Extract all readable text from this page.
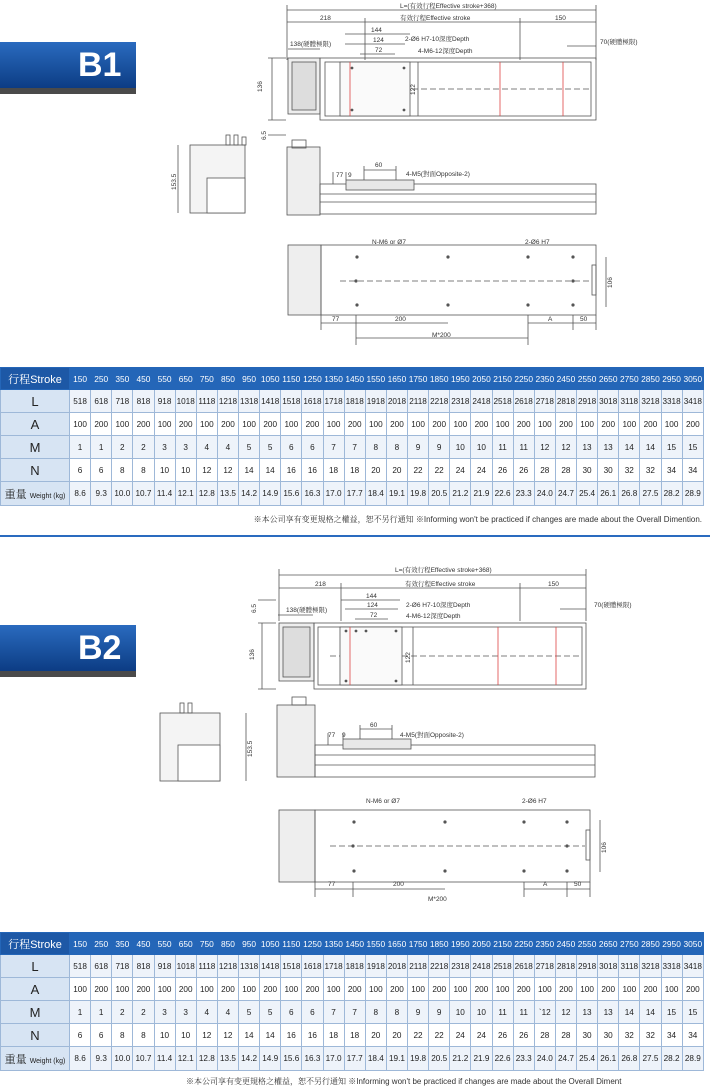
B1
L=(有效行程Effective stroke+368)
218	有效行程Effective stroke	150
144
124
72
138(硬體極限)
2-Ø6 H7-10深度Depth
4-M6-12深度Depth
70(硬體極限)
136	122
6.5
153.5	77 9
60
4-M5(對面Opposite-2)
N-M6 or Ø7	2-Ø6 H7
106
77	200	A	50
M*200
行程Stroke	150	250	350	450	550	650	750	850	950	1050	1150	1250	1350	1450	1550	1650	1750	1850	1950	2050	2150	2250	2350	2450	2550	2650	2750	2850	2950	3050
L	518	618	718	818	918	1018	1118	1218	1318	1418	1518	1618	1718	1818	1918	2018	2118	2218	2318	2418	2518	2618	2718	2818	2918	3018	3118	3218	3318	3418
A	100	200	100	200	100	200	100	200	100	200	100	200	100	200	100	200	100	200	100	200	100	200	100	200	100	200	100	200	100	200
M	1	1	2	2	3	3	4	4	5	5	6	6	7	7	8	8	9	9	10	10	11	11	12	12	13	13	14	14	15	15
N	6	6	8	8	10	10	12	12	14	14	16	16	18	18	20	20	22	22	24	24	26	26	28	28	30	30	32	32	34	34
重量 Weight (kg)	8.6	9.3	10.0	10.7	11.4	12.1	12.8	13.5	14.2	14.9	15.6	16.3	17.0	17.7	18.4	19.1	19.8	20.5	21.2	21.9	22.6	23.3	24.0	24.7	25.4	26.1	26.8	27.5	28.2	28.9
※本公司享有变更規格之權益，恕不另行通知 ※Informing won't be practiced if changes are made about the Overall Dimention.
B2
L=(有效行程Effective stroke+368)
218	有效行程Effective stroke	150
144
124
72
138(硬體極限)
2-Ø6 H7-10深度Depth
4-M6-12深度Depth
70(硬體極限)
136	122
6.5
153.5
77 9
60
4-M5(對面Opposite-2)
N-M6 or Ø7	2-Ø6 H7
106
77	200	A	50
M*200
行程Stroke	150	250	350	450	550	650	750	850	950	1050	1150	1250	1350	1450	1550	1650	1750	1850	1950	2050	2150	2250	2350	2450	2550	2650	2750	2850	2950	3050
L	518	618	718	818	918	1018	1118	1218	1318	1418	1518	1618	1718	1818	1918	2018	2118	2218	2318	2418	2518	2618	2718	2818	2918	3018	3118	3218	3318	3418
A	100	200	100	200	100	200	100	200	100	200	100	200	100	200	100	200	100	200	100	200	100	200	100	200	100	200	100	200	100	200
M	1	1	2	2	3	3	4	4	5	5	6	6	7	7	8	8	9	9	10	10	11	11	`12	12	13	13	14	14	15	15
N	6	6	8	8	10	10	12	12	14	14	16	16	18	18	20	20	22	22	24	24	26	26	28	28	30	30	32	32	34	34
重量 Weight (kg)	8.6	9.3	10.0	10.7	11.4	12.1	12.8	13.5	14.2	14.9	15.6	16.3	17.0	17.7	18.4	19.1	19.8	20.5	21.2	21.9	22.6	23.3	24.0	24.7	25.4	26.1	26.8	27.5	28.2	28.9
※本公司享有变更規格之權益，恕不另行通知 ※Informing won't be practiced if changes are made about the Overall Diment
